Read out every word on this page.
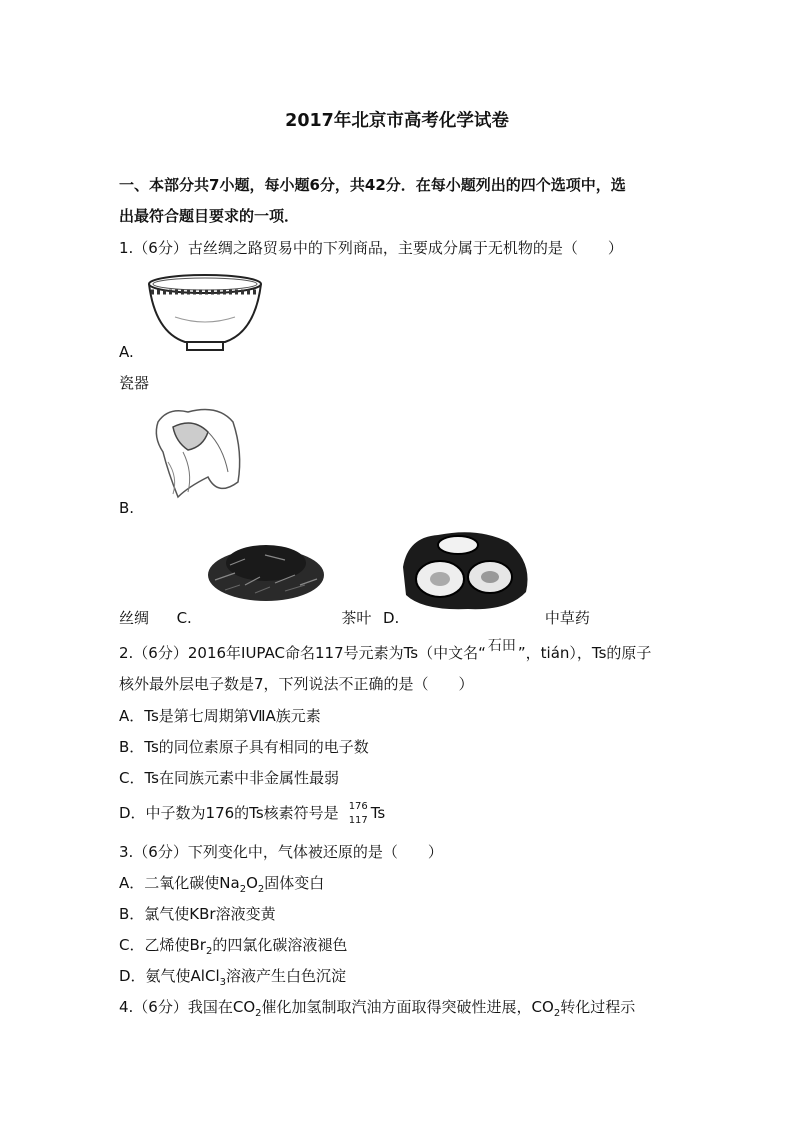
2017年北京市高考化学试卷
一、本部分共7小题，每小题6分，共42分．在每小题列出的四个选项中，选
出最符合题目要求的一项．
1.（6分）古丝绸之路贸易中的下列商品，主要成分属于无机物的是（　　）
A.
瓷器
B.
丝绸 C.	茶叶 D.	中草药
2.（6分）2016年IUPAC命名117号元素为Ts（中文名“ 石田 ”，tián），Ts的原子
核外最外层电子数是7，下列说法不正确的是（　　）
A．Ts是第七周期第ⅦA族元素
B．Ts的同位素原子具有相同的电子数
C．Ts在同族元素中非金属性最弱
D．中子数为176的Ts核素符号是 176
117 Ts
3.（6分）下列变化中，气体被还原的是（　　）
A．二氧化碳使$Na_2O_2$固体变白
B．氯气使KBr溶液变黄
C．乙烯使$Br_2$的四氯化碳溶液褪色
D．氨气使AlCl$_3$溶液产生白色沉淀
4.（6分）我国在$CO_2$催化加氢制取汽油方面取得突破性进展，$CO_2$转化过程示
